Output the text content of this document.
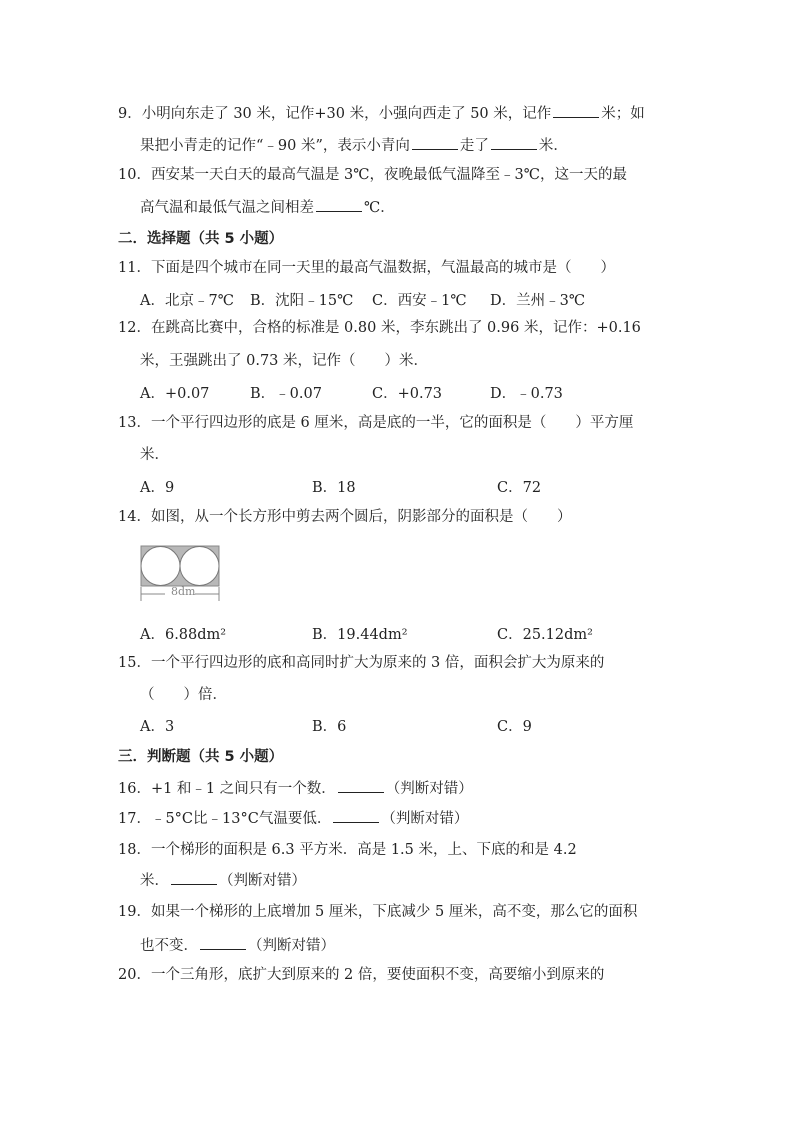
9．小明向东走了 30 米，记作+30 米，小强向西走了 50 米，记作	米；如
果把小青走的记作“﹣90 米”，表示小青向	走了	米．
10．西安某一天白天的最高气温是 3℃，夜晚最低气温降至﹣3℃，这一天的最
高气温和最低气温之间相差	℃．
二．选择题（共 5 小题）
11．下面是四个城市在同一天里的最高气温数据，气温最高的城市是（　　）
A．北京﹣7℃ B．沈阳﹣15℃ C．西安﹣1℃ D．兰州﹣3℃
12．在跳高比赛中，合格的标准是 0.80 米，李东跳出了 0.96 米，记作：+0.16
米，王强跳出了 0.73 米，记作（　　）米．
A．+0.07	B．﹣0.07	C．+0.73	D．﹣0.73
13．一个平行四边形的底是 6 厘米，高是底的一半，它的面积是（　　）平方厘
米．
A．9	B．18	C．72
14．如图，从一个长方形中剪去两个圆后，阴影部分的面积是（　　）
8dm
A．6.88dm²	B．19.44dm²	C．25.12dm²
15．一个平行四边形的底和高同时扩大为原来的 3 倍，面积会扩大为原来的
（　　）倍．
A．3	B．6	C．9
三．判断题（共 5 小题）
16．+1 和﹣1 之间只有一个数．	（判断对错）
17．﹣5°C比﹣13°C气温要低．	（判断对错）
18．一个梯形的面积是 6.3 平方米．高是 1.5 米，上、下底的和是 4.2
米．	（判断对错）
19．如果一个梯形的上底增加 5 厘米，下底减少 5 厘米，高不变，那么它的面积
也不变．	（判断对错）
20．一个三角形，底扩大到原来的 2 倍，要使面积不变，高要缩小到原来的
